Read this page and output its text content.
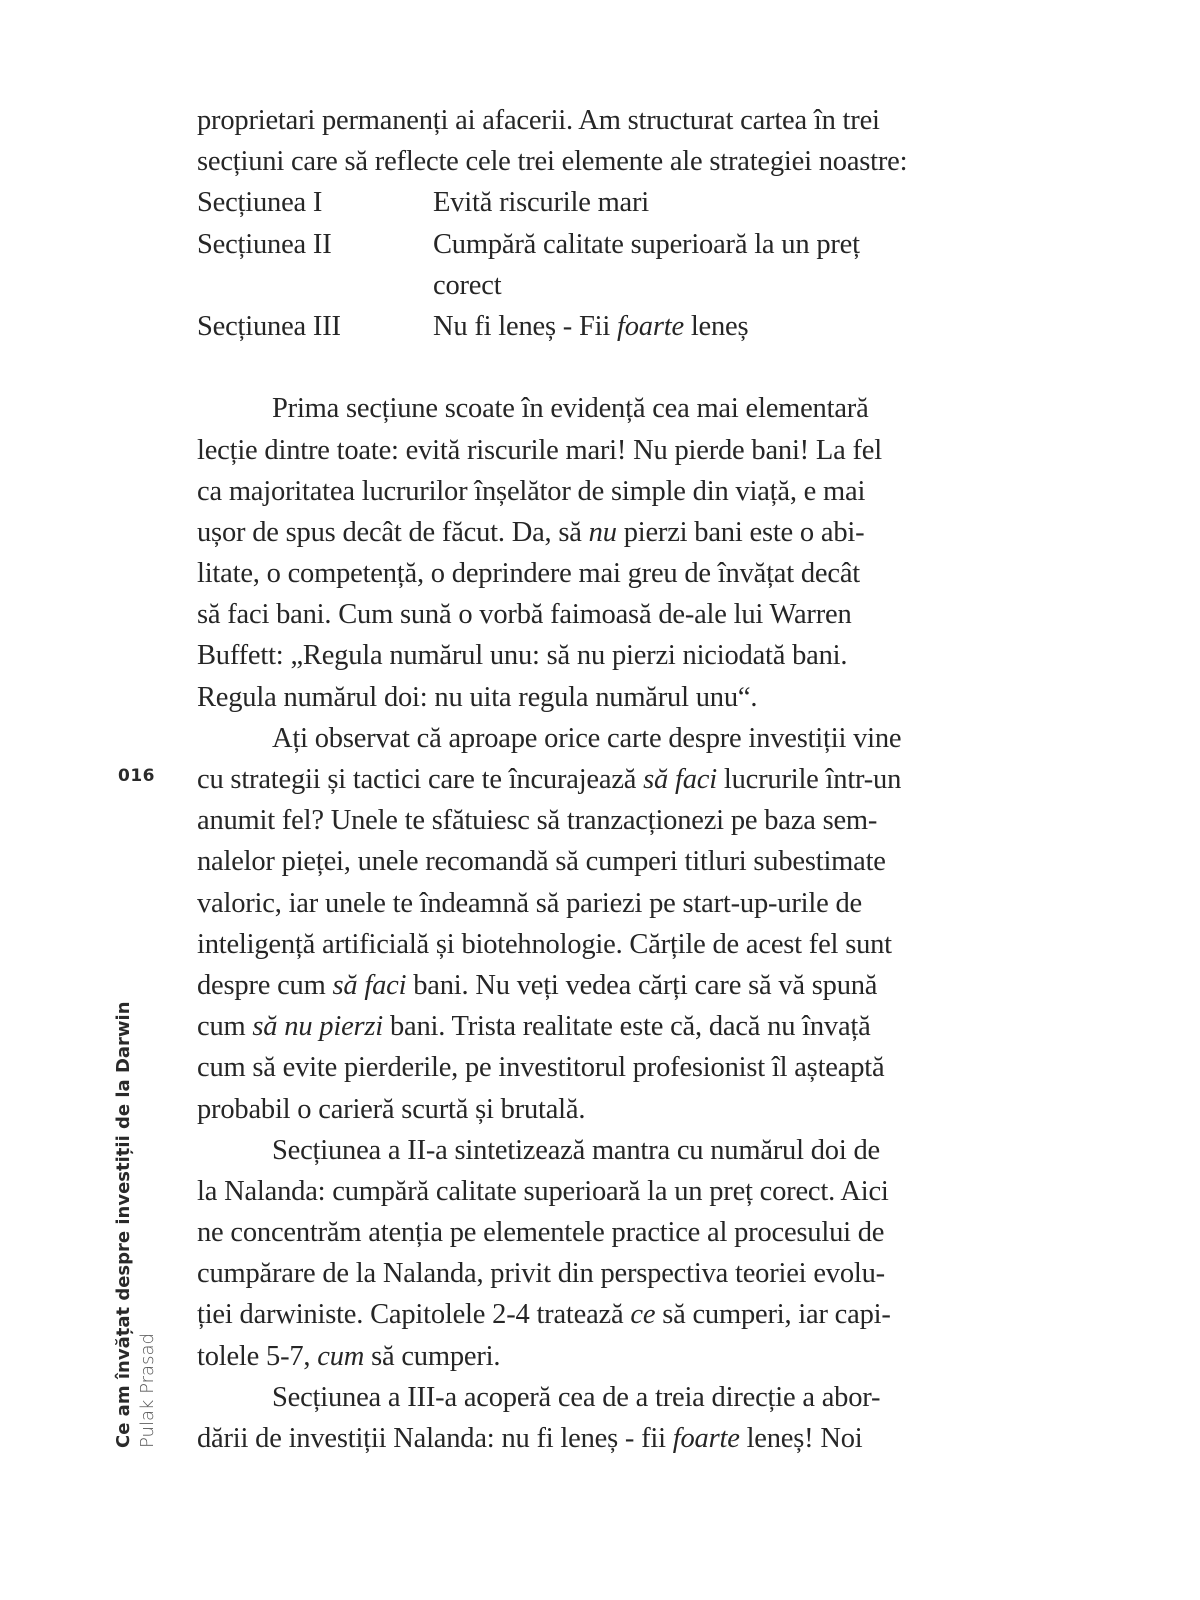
016
Ce am învățat despre investiții de la Darwin Pulak Prasad
proprietari permanenți ai afacerii. Am structurat cartea în trei
secțiuni care să reflecte cele trei elemente ale strategiei noastre:
Secțiunea I	Evită riscurile mari
Secțiunea II	Cumpără calitate superioară la un preț
corect
Secțiunea III	Nu fi leneș - Fii foarte leneș
Prima secțiune scoate în evidență cea mai elementară
lecție dintre toate: evită riscurile mari! Nu pierde bani! La fel
ca majoritatea lucrurilor înșelător de simple din viață, e mai
ușor de spus decât de făcut. Da, să nu pierzi bani este o abi-
litate, o competență, o deprindere mai greu de învățat decât
să faci bani. Cum sună o vorbă faimoasă de-ale lui Warren
Buffett: „Regula numărul unu: să nu pierzi niciodată bani.
Regula numărul doi: nu uita regula numărul unu“.
Ați observat că aproape orice carte despre investiții vine
cu strategii și tactici care te încurajează să faci lucrurile într-un
anumit fel? Unele te sfătuiesc să tranzacționezi pe baza sem-
nalelor pieței, unele recomandă să cumperi titluri subestimate
valoric, iar unele te îndeamnă să pariezi pe start-up-urile de
inteligență artificială și biotehnologie. Cărțile de acest fel sunt
despre cum să faci bani. Nu veți vedea cărți care să vă spună
cum să nu pierzi bani. Trista realitate este că, dacă nu învață
cum să evite pierderile, pe investitorul profesionist îl așteaptă
probabil o carieră scurtă și brutală.
Secțiunea a II-a sintetizează mantra cu numărul doi de
la Nalanda: cumpără calitate superioară la un preț corect. Aici
ne concentrăm atenția pe elementele practice al procesului de
cumpărare de la Nalanda, privit din perspectiva teoriei evolu-
ției darwiniste. Capitolele 2-4 tratează ce să cumperi, iar capi-
tolele 5-7, cum să cumperi.
Secțiunea a III-a acoperă cea de a treia direcție a abor-
dării de investiții Nalanda: nu fi leneș - fii foarte leneș! Noi
